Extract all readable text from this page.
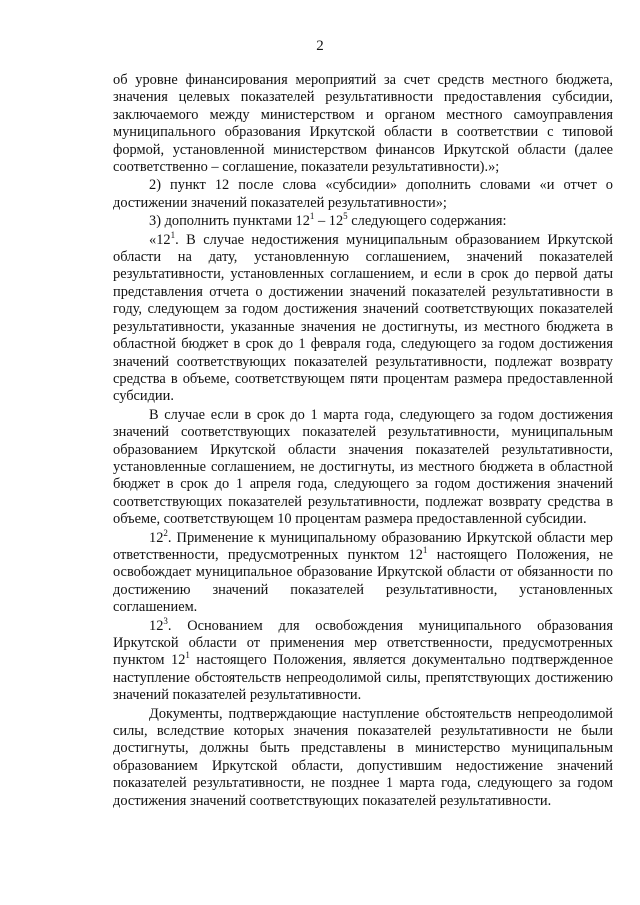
2

об уровне финансирования мероприятий за счет средств местного бюджета, значения целевых показателей результативности предоставления субсидии, заключаемого между министерством и органом местного самоуправления муниципального образования Иркутской области в соответствии с типовой формой, установленной министерством финансов Иркутской области (далее соответственно – соглашение, показатели результативности).»;

2) пункт 12 после слова «субсидии» дополнить словами «и отчет о достижении значений показателей результативности»;

3) дополнить пунктами $12^1 - 12^5$ следующего содержания:

«$12^1$. В случае недостижения муниципальным образованием Иркутской области на дату, установленную соглашением, значений показателей результативности, установленных соглашением, и если в срок до первой даты представления отчета о достижении значений показателей результативности в году, следующем за годом достижения значений соответствующих показателей результативности, указанные значения не достигнуты, из местного бюджета в областной бюджет в срок до 1 февраля года, следующего за годом достижения значений соответствующих показателей результативности, подлежат возврату средства в объеме, соответствующем пяти процентам размера предоставленной субсидии.

В случае если в срок до 1 марта года, следующего за годом достижения значений соответствующих показателей результативности, муниципальным образованием Иркутской области значения показателей результативности, установленные соглашением, не достигнуты, из местного бюджета в областной бюджет в срок до 1 апреля года, следующего за годом достижения значений соответствующих показателей результативности, подлежат возврату средства в объеме, соответствующем 10 процентам размера предоставленной субсидии.

$12^2$. Применение к муниципальному образованию Иркутской области мер ответственности, предусмотренных пунктом $12^1$ настоящего Положения, не освобождает муниципальное образование Иркутской области от обязанности по достижению значений показателей результативности, установленных соглашением.

$12^3$. Основанием для освобождения муниципального образования Иркутской области от применения мер ответственности, предусмотренных пунктом $12^1$ настоящего Положения, является документально подтвержденное наступление обстоятельств непреодолимой силы, препятствующих достижению значений показателей результативности.

Документы, подтверждающие наступление обстоятельств непреодолимой силы, вследствие которых значения показателей результативности не были достигнуты, должны быть представлены в министерство муниципальным образованием Иркутской области, допустившим недостижение значений показателей результативности, не позднее 1 марта года, следующего за годом достижения значений соответствующих показателей результативности.
